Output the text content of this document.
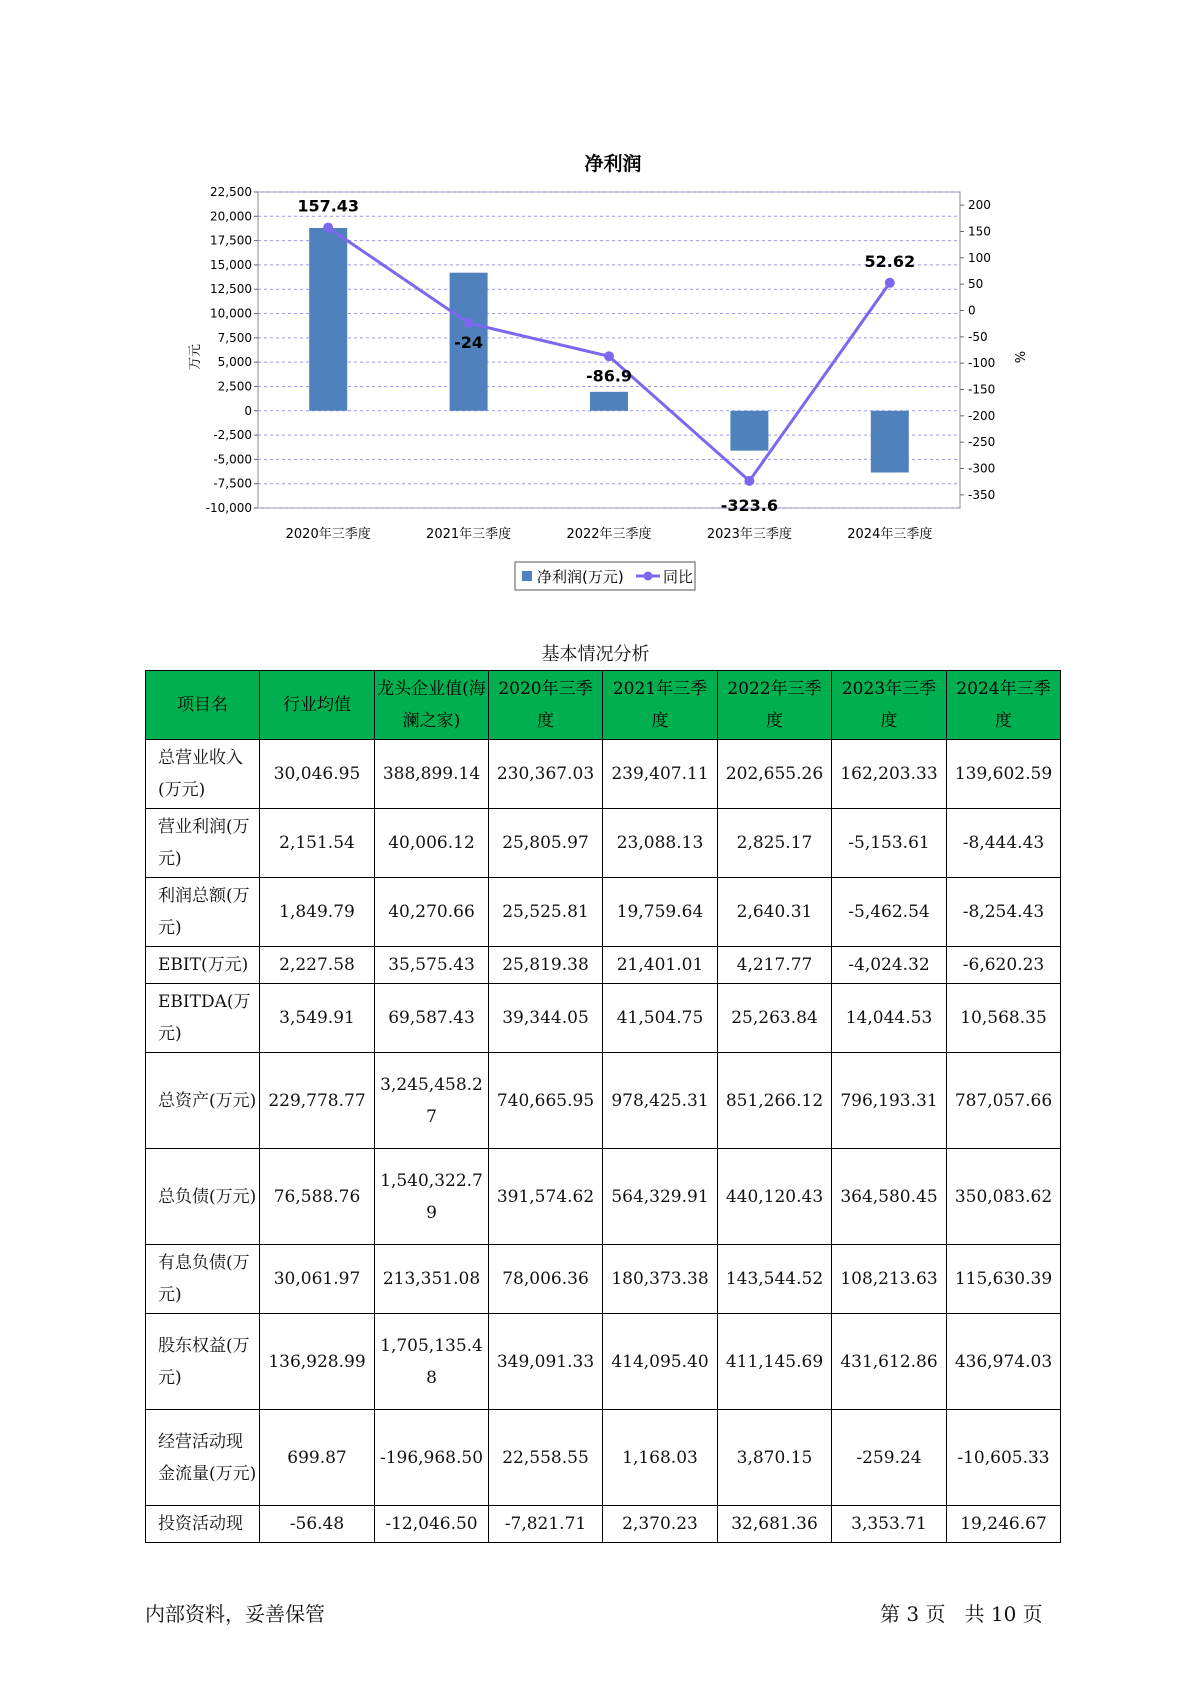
净利润
-10,000
-7,500
-5,000
-2,500
0
2,500
5,000
7,500
10,000
12,500
15,000
17,500
20,000
22,500
-350
-300
-250
-200
-150
-100
-50
0
50
100
150
200
2020年三季度	2021年三季度	2022年三季度	2023年三季度	2024年三季度
157.43
-24
-86.9
-323.6
52.62
万元	%
净利润(万元)	同比
基本情况分析
项目名	行业均值	龙头企业值(海澜之家)	2020年三季度	2021年三季度	2022年三季度	2023年三季度	2024年三季度
总营业收入(万元)	30,046.95	388,899.14	230,367.03	239,407.11	202,655.26	162,203.33	139,602.59
营业利润(万元)	2,151.54	40,006.12	25,805.97	23,088.13	2,825.17	-5,153.61	-8,444.43
利润总额(万元)	1,849.79	40,270.66	25,525.81	19,759.64	2,640.31	-5,462.54	-8,254.43
EBIT(万元)	2,227.58	35,575.43	25,819.38	21,401.01	4,217.77	-4,024.32	-6,620.23
EBITDA(万元)	3,549.91	69,587.43	39,344.05	41,504.75	25,263.84	14,044.53	10,568.35
总资产(万元)	229,778.77	3,245,458.27	740,665.95	978,425.31	851,266.12	796,193.31	787,057.66
总负债(万元)	76,588.76	1,540,322.79	391,574.62	564,329.91	440,120.43	364,580.45	350,083.62
有息负债(万元)	30,061.97	213,351.08	78,006.36	180,373.38	143,544.52	108,213.63	115,630.39
股东权益(万元)	136,928.99	1,705,135.48	349,091.33	414,095.40	411,145.69	431,612.86	436,974.03
经营活动现金流量(万元)	699.87	-196,968.50	22,558.55	1,168.03	3,870.15	-259.24	-10,605.33
投资活动现	-56.48	-12,046.50	-7,821.71	2,370.23	32,681.36	3,353.71	19,246.67
内部资料，妥善保管	第 3 页   共 10 页
